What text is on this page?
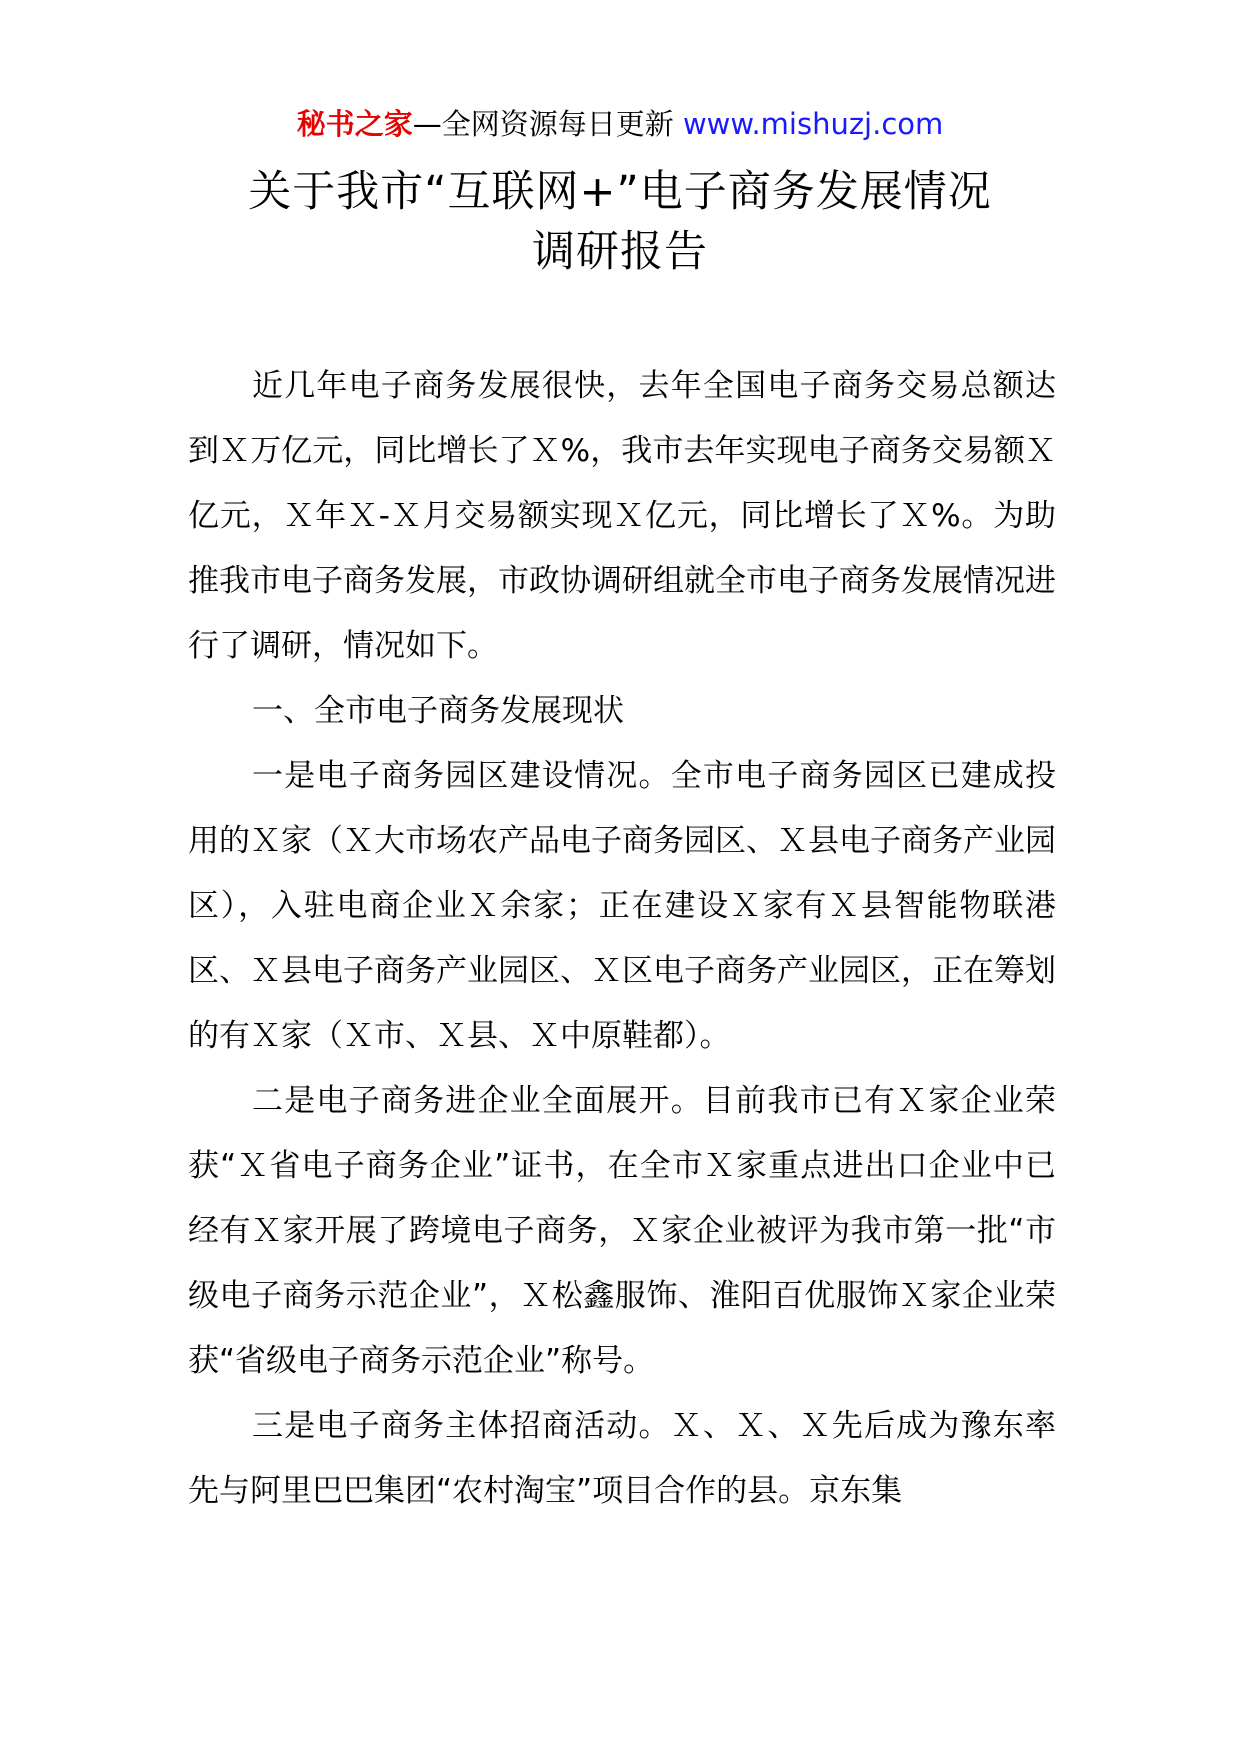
秘书之家—全网资源每日更新 www.mishuzj.com
关于我市“互联网+”电子商务发展情况
调研报告

近几年电子商务发展很快，去年全国电子商务交易总额达到Ｘ万亿元，同比增长了Ｘ%，我市去年实现电子商务交易额Ｘ亿元，Ｘ年Ｘ-Ｘ月交易额实现Ｘ亿元，同比增长了Ｘ%。为助推我市电子商务发展，市政协调研组就全市电子商务发展情况进行了调研，情况如下。

一、全市电子商务发展现状

一是电子商务园区建设情况。全市电子商务园区已建成投用的Ｘ家（Ｘ大市场农产品电子商务园区、Ｘ县电子商务产业园区），入驻电商企业Ｘ余家；正在建设Ｘ家有Ｘ县智能物联港区、Ｘ县电子商务产业园区、Ｘ区电子商务产业园区，正在筹划的有Ｘ家（Ｘ市、Ｘ县、Ｘ中原鞋都）。

二是电子商务进企业全面展开。目前我市已有Ｘ家企业荣获“Ｘ省电子商务企业”证书，在全市Ｘ家重点进出口企业中已经有Ｘ家开展了跨境电子商务，Ｘ家企业被评为我市第一批“市级电子商务示范企业”，Ｘ松鑫服饰、淮阳百优服饰Ｘ家企业荣获“省级电子商务示范企业”称号。

三是电子商务主体招商活动。Ｘ、Ｘ、Ｘ先后成为豫东率先与阿里巴巴集团“农村淘宝”项目合作的县。京东集
